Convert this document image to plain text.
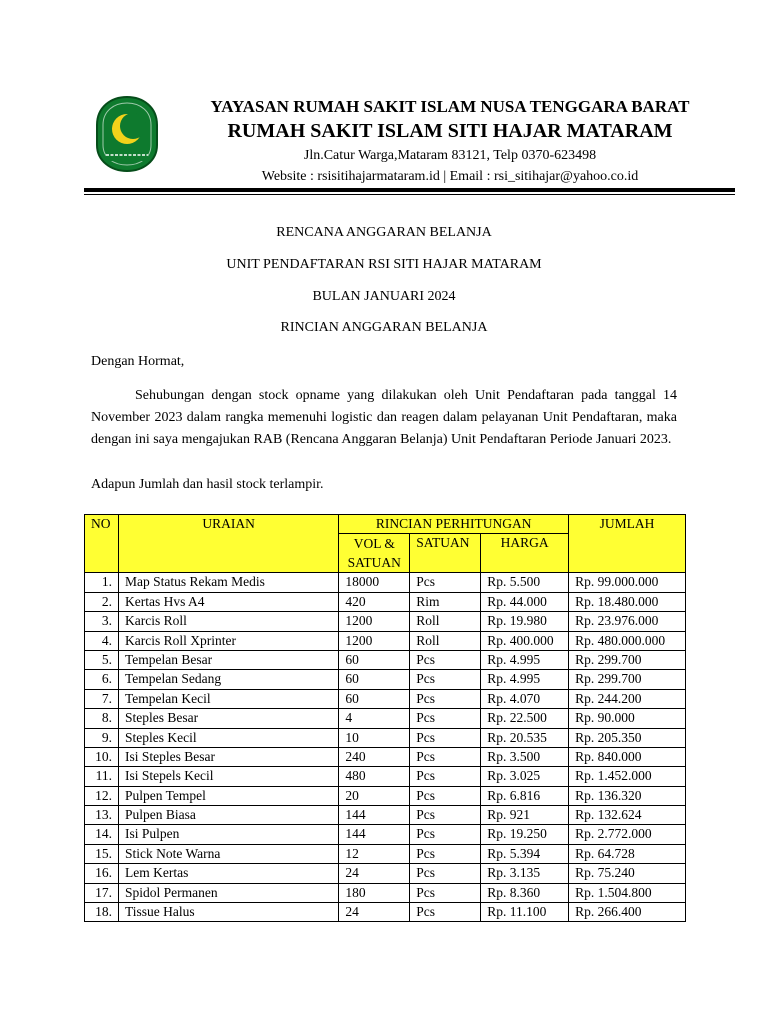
YAYASAN RUMAH SAKIT ISLAM NUSA TENGGARA BARAT
RUMAH SAKIT ISLAM SITI HAJAR MATARAM
Jln.Catur Warga,Mataram 83121, Telp 0370-623498
Website : rsisitihajarmataram.id | Email : rsi_sitihajar@yahoo.co.id
RENCANA ANGGARAN BELANJA
UNIT PENDAFTARAN RSI SITI HAJAR MATARAM
BULAN JANUARI 2024
RINCIAN ANGGARAN BELANJA
Dengan Hormat,
Sehubungan dengan stock opname yang dilakukan oleh Unit Pendaftaran pada tanggal 14 November 2023 dalam rangka memenuhi logistic dan reagen dalam pelayanan Unit Pendaftaran, maka dengan ini saya mengajukan RAB (Rencana Anggaran Belanja) Unit Pendaftaran Periode Januari 2023.
Adapun Jumlah dan hasil stock terlampir.
NO	URAIAN	RINCIAN PERHITUNGAN			JUMLAH
		VOL & SATUAN	SATUAN	HARGA	
1.	Map Status Rekam Medis	18000	Pcs	Rp. 5.500	Rp. 99.000.000
2.	Kertas Hvs A4	420	Rim	Rp. 44.000	Rp. 18.480.000
3.	Karcis Roll	1200	Roll	Rp. 19.980	Rp. 23.976.000
4.	Karcis Roll Xprinter	1200	Roll	Rp. 400.000	Rp. 480.000.000
5.	Tempelan Besar	60	Pcs	Rp. 4.995	Rp. 299.700
6.	Tempelan Sedang	60	Pcs	Rp. 4.995	Rp. 299.700
7.	Tempelan Kecil	60	Pcs	Rp. 4.070	Rp. 244.200
8.	Steples Besar	4	Pcs	Rp. 22.500	Rp. 90.000
9.	Steples Kecil	10	Pcs	Rp. 20.535	Rp. 205.350
10.	Isi Steples Besar	240	Pcs	Rp. 3.500	Rp. 840.000
11.	Isi Stepels Kecil	480	Pcs	Rp. 3.025	Rp. 1.452.000
12.	Pulpen Tempel	20	Pcs	Rp. 6.816	Rp. 136.320
13.	Pulpen Biasa	144	Pcs	Rp. 921	Rp. 132.624
14.	Isi Pulpen	144	Pcs	Rp. 19.250	Rp. 2.772.000
15.	Stick Note Warna	12	Pcs	Rp. 5.394	Rp. 64.728
16.	Lem Kertas	24	Pcs	Rp. 3.135	Rp. 75.240
17.	Spidol Permanen	180	Pcs	Rp. 8.360	Rp. 1.504.800
18.	Tissue Halus	24	Pcs	Rp. 11.100	Rp. 266.400
